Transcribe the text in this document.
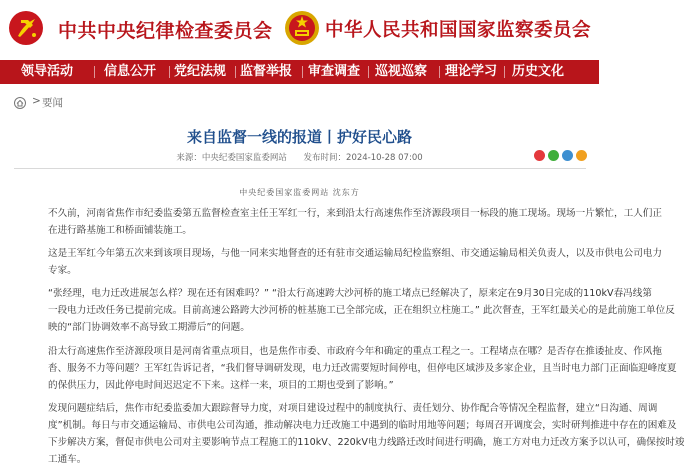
中共中央纪律检查委员会	中华人民共和国国家监察委员会
领导活动 信息公开 党纪法规 监督举报 审查调查 巡视巡察 理论学习 历史文化
> 要闻
来自监督一线的报道丨护好民心路
来源：中央纪委国家监委网站 发布时间：2024-10-28 07:00
中央纪委国家监委网站 沈东方
不久前，河南省焦作市纪委监委第五监督检查室主任王军红一行，来到沿太行高速焦作至济源段项目一标段的施工现场。现场一片繁忙，工人们正
在进行路基施工和桥面铺装施工。
这是王军红今年第五次来到该项目现场，与他一同来实地督查的还有驻市交通运输局纪检监察组、市交通运输局相关负责人，以及市供电公司电力
专家。
“张经理，电力迁改进展怎么样？现在还有困难吗？” “沿太行高速跨大沙河桥的施工堵点已经解决了，原来定在9月30日完成的110kV春冯线第
一段电力迁改任务已提前完成。目前高速公路跨大沙河桥的桩基施工已全部完成，正在组织立柱施工。” 此次督查，王军红最关心的是此前施工单位反
映的“部门协调效率不高导致工期滞后”的问题。
沿太行高速焦作至济源段项目是河南省重点项目，也是焦作市委、市政府今年和确定的重点工程之一。工程堵点在哪？是否存在推诿扯皮、作风拖
沓、服务不力等问题？王军红告诉记者，“我们督导调研发现，电力迁改需要短时间停电，但停电区域涉及多家企业，且当时电力部门正面临迎峰度夏
的保供压力，因此停电时间迟迟定不下来。这样一来，项目的工期也受到了影响。”
发现问题症结后，焦作市纪委监委加大跟踪督导力度，对项目建设过程中的制度执行、责任划分、协作配合等情况全程监督，建立“日沟通、周调
度”机制。每日与市交通运输局、市供电公司沟通，推动解决电力迁改施工中遇到的临时用地等问题；每周召开调度会，实时研判推进中存在的困难及
下步解决方案，督促市供电公司对主要影响节点工程施工的110kV、220kV电力线路迁改时间进行明确，施工方对电力迁改方案予以认可，确保按时竣
工通车。
